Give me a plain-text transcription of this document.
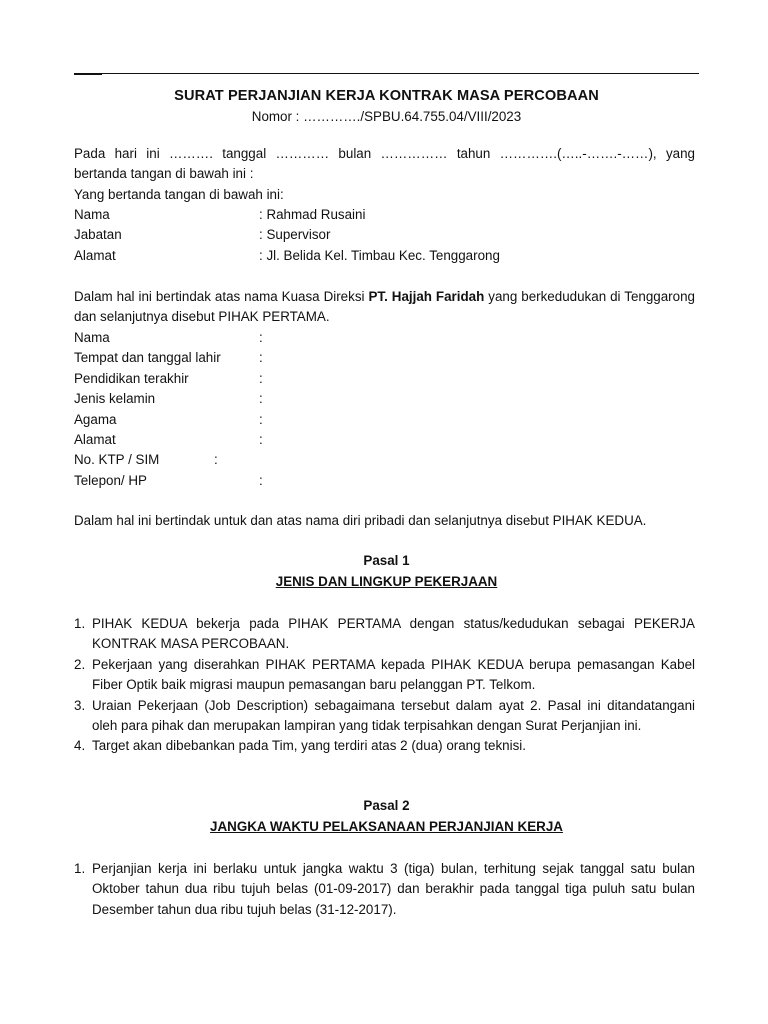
SURAT PERJANJIAN KERJA KONTRAK MASA PERCOBAAN
Nomor : …………./SPBU.64.755.04/VIII/2023
Pada hari ini ………. tanggal ………… bulan …………… tahun ………….(…..-…….-……), yang bertanda tangan di bawah ini :
Yang bertanda tangan di bawah ini:
Nama	: Rahmad Rusaini
Jabatan	: Supervisor
Alamat	: Jl. Belida Kel. Timbau Kec. Tenggarong
Dalam hal ini bertindak atas nama Kuasa Direksi PT. Hajjah Faridah yang berkedudukan di Tenggarong dan selanjutnya disebut PIHAK PERTAMA.
Nama	:
Tempat dan tanggal lahir	:
Pendidikan terakhir	:
Jenis kelamin	:
Agama	:
Alamat	:
No. KTP / SIM	:
Telepon/ HP	:
Dalam hal ini bertindak untuk dan atas nama diri pribadi dan selanjutnya disebut PIHAK KEDUA.
Pasal 1
JENIS DAN LINGKUP PEKERJAAN
1. PIHAK KEDUA bekerja pada PIHAK PERTAMA dengan status/kedudukan sebagai PEKERJA KONTRAK MASA PERCOBAAN.
2. Pekerjaan yang diserahkan PIHAK PERTAMA kepada PIHAK KEDUA berupa pemasangan Kabel Fiber Optik baik migrasi maupun pemasangan baru pelanggan PT. Telkom.
3. Uraian Pekerjaan (Job Description) sebagaimana tersebut dalam ayat 2. Pasal ini ditandatangani oleh para pihak dan merupakan lampiran yang tidak terpisahkan dengan Surat Perjanjian ini.
4. Target akan dibebankan pada Tim, yang terdiri atas 2 (dua) orang teknisi.
Pasal 2
JANGKA WAKTU PELAKSANAAN PERJANJIAN KERJA
1. Perjanjian kerja ini berlaku untuk jangka waktu 3 (tiga) bulan, terhitung sejak tanggal satu bulan Oktober tahun dua ribu tujuh belas (01-09-2017) dan berakhir pada tanggal tiga puluh satu bulan Desember tahun dua ribu tujuh belas (31-12-2017).
